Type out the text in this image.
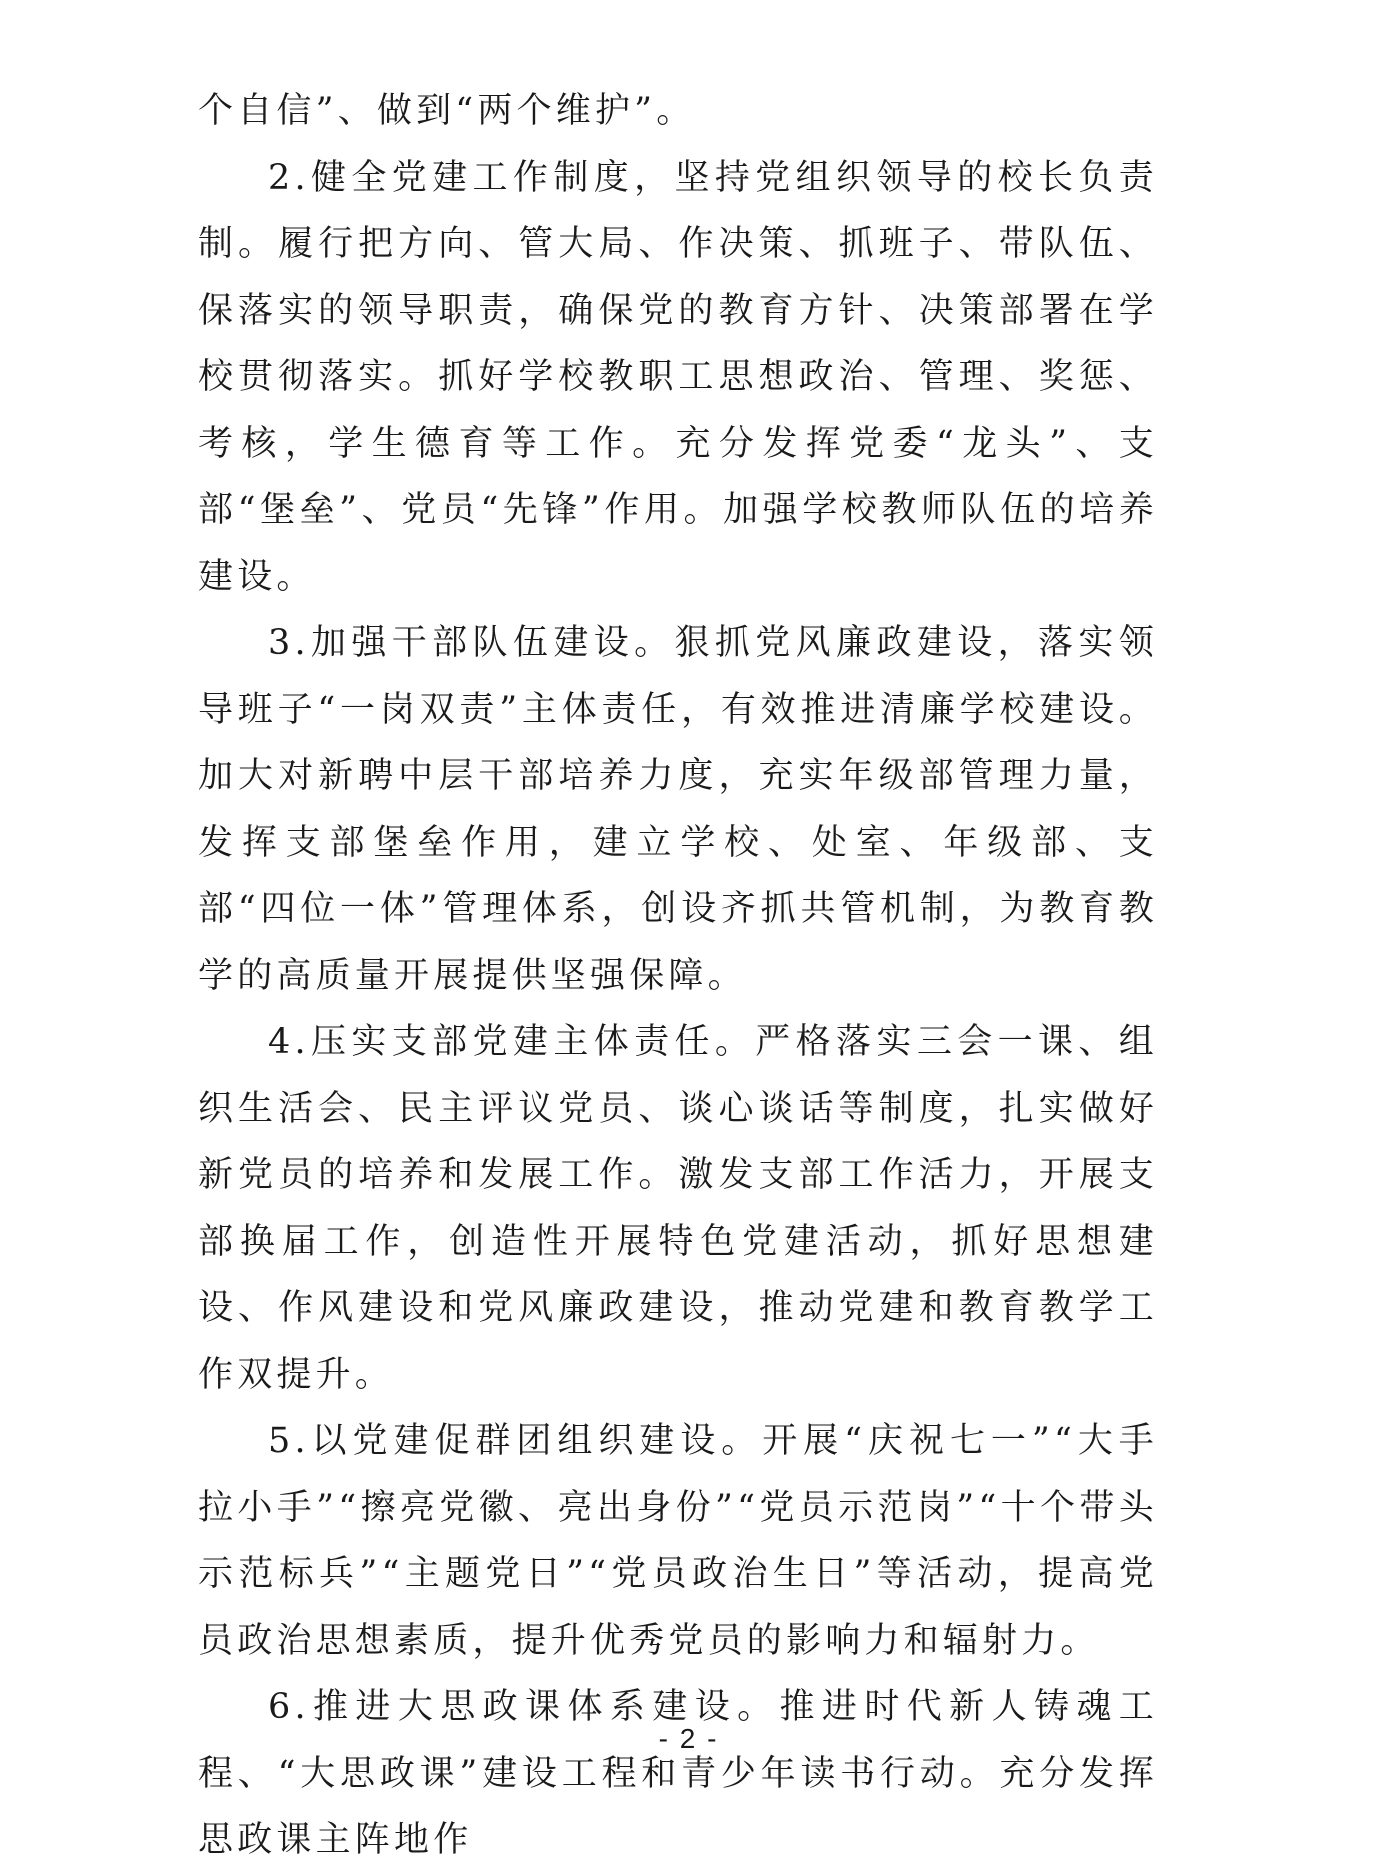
个自信”、做到“两个维护”。

2.健全党建工作制度，坚持党组织领导的校长负责制。履行把方向、管大局、作决策、抓班子、带队伍、保落实的领导职责，确保党的教育方针、决策部署在学校贯彻落实。抓好学校教职工思想政治、管理、奖惩、考核，学生德育等工作。充分发挥党委“龙头”、支部“堡垒”、党员“先锋”作用。加强学校教师队伍的培养建设。

3.加强干部队伍建设。狠抓党风廉政建设，落实领导班子“一岗双责”主体责任，有效推进清廉学校建设。加大对新聘中层干部培养力度，充实年级部管理力量，发挥支部堡垒作用，建立学校、处室、年级部、支部“四位一体”管理体系，创设齐抓共管机制，为教育教学的高质量开展提供坚强保障。

4.压实支部党建主体责任。严格落实三会一课、组织生活会、民主评议党员、谈心谈话等制度，扎实做好新党员的培养和发展工作。激发支部工作活力，开展支部换届工作，创造性开展特色党建活动，抓好思想建设、作风建设和党风廉政建设，推动党建和教育教学工作双提升。

5.以党建促群团组织建设。开展“庆祝七一”“大手拉小手”“擦亮党徽、亮出身份”“党员示范岗”“十个带头示范标兵”“主题党日”“党员政治生日”等活动，提高党员政治思想素质，提升优秀党员的影响力和辐射力。

6.推进大思政课体系建设。推进时代新人铸魂工程、“大思政课”建设工程和青少年读书行动。充分发挥思政课主阵地作

- 2 -
